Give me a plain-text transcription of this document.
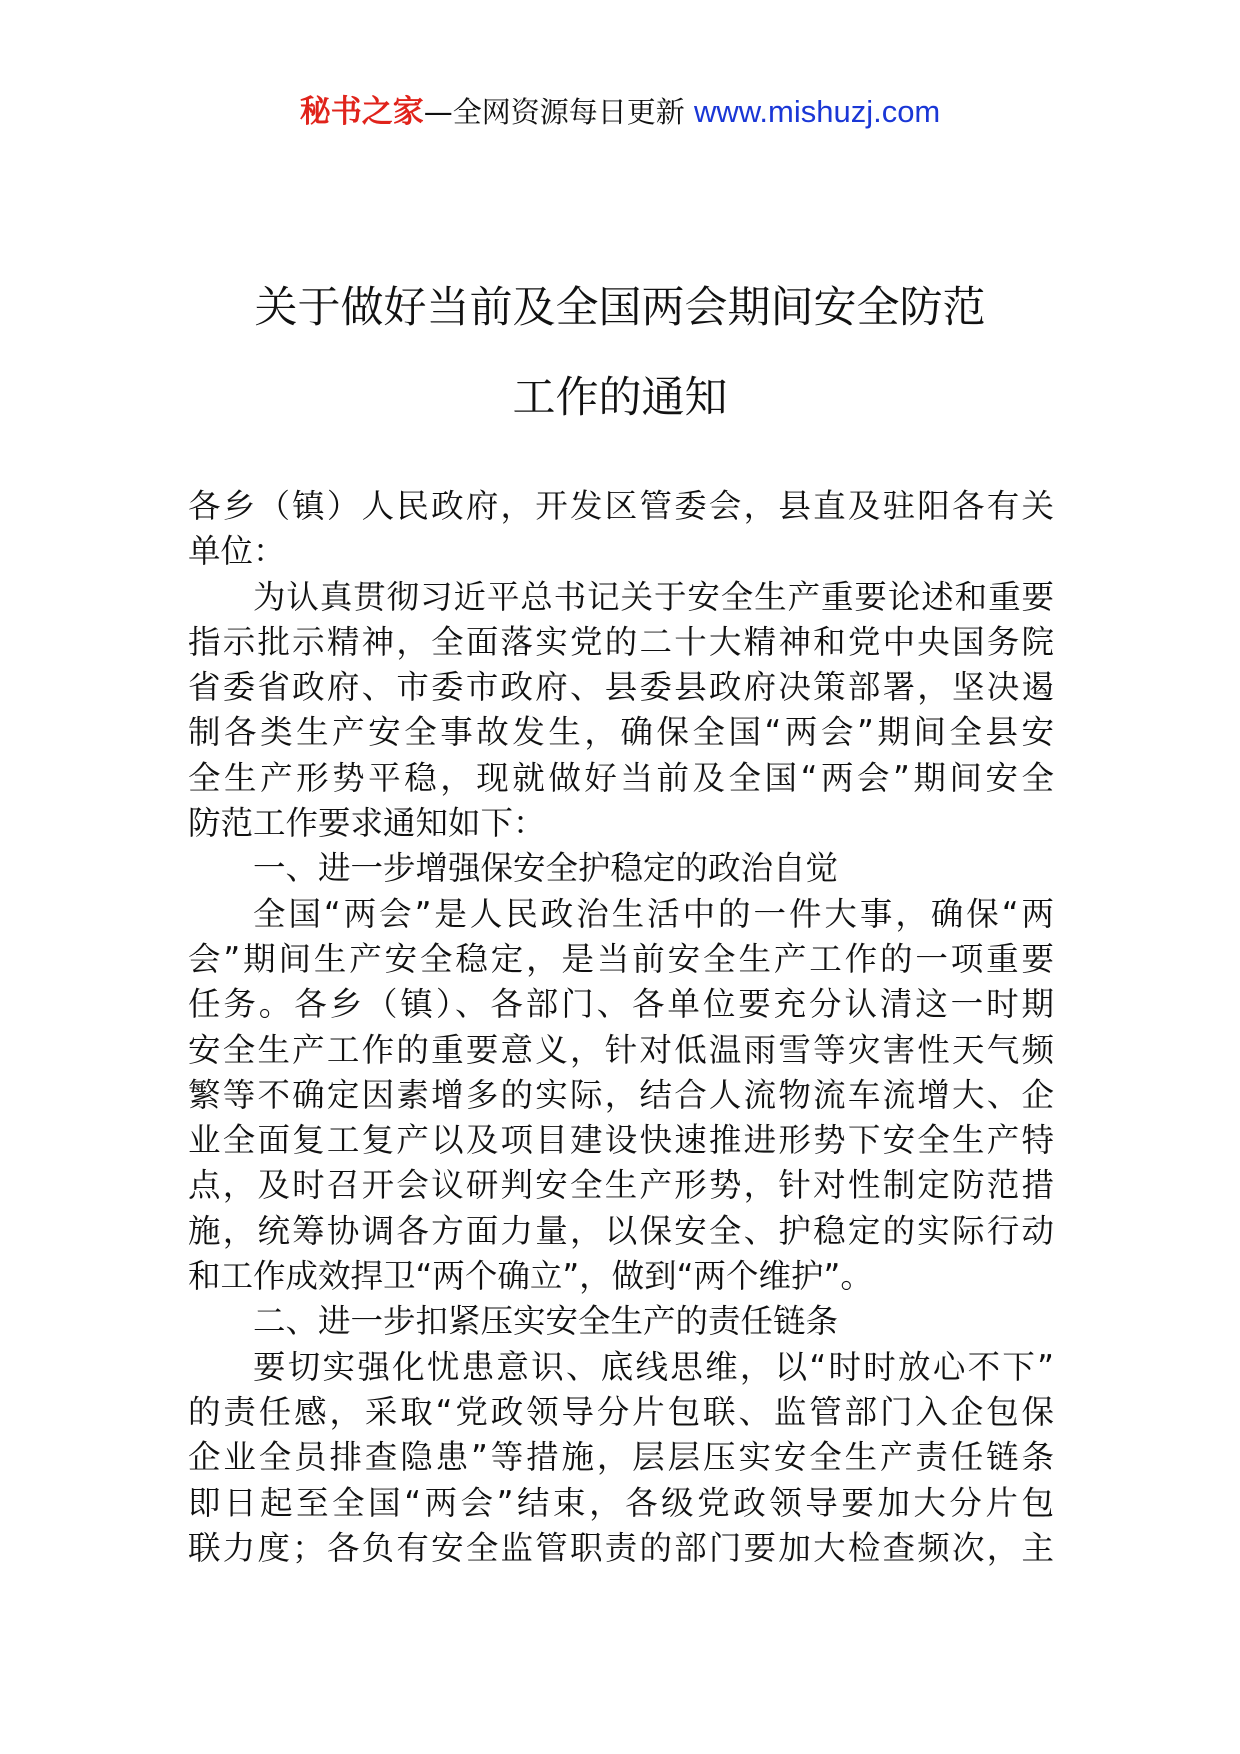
秘书之家—全网资源每日更新 www.mishuzj.com
关于做好当前及全国两会期间安全防范
工作的通知
各乡（镇）人民政府，开发区管委会，县直及驻阳各有关
单位：
为认真贯彻习近平总书记关于安全生产重要论述和重要
指示批示精神，全面落实党的二十大精神和党中央国务院
省委省政府、市委市政府、县委县政府决策部署，坚决遏
制各类生产安全事故发生，确保全国“两会”期间全县安
全生产形势平稳，现就做好当前及全国“两会”期间安全
防范工作要求通知如下：
一、进一步增强保安全护稳定的政治自觉
全国“两会”是人民政治生活中的一件大事，确保“两
会”期间生产安全稳定，是当前安全生产工作的一项重要
任务。各乡（镇）、各部门、各单位要充分认清这一时期
安全生产工作的重要意义，针对低温雨雪等灾害性天气频
繁等不确定因素增多的实际，结合人流物流车流增大、企
业全面复工复产以及项目建设快速推进形势下安全生产特
点，及时召开会议研判安全生产形势，针对性制定防范措
施，统筹协调各方面力量，以保安全、护稳定的实际行动
和工作成效捍卫“两个确立”，做到“两个维护”。
二、进一步扣紧压实安全生产的责任链条
要切实强化忧患意识、底线思维，以“时时放心不下”
的责任感，采取“党政领导分片包联、监管部门入企包保
企业全员排查隐患”等措施，层层压实安全生产责任链条
即日起至全国“两会”结束，各级党政领导要加大分片包
联力度；各负有安全监管职责的部门要加大检查频次，主
